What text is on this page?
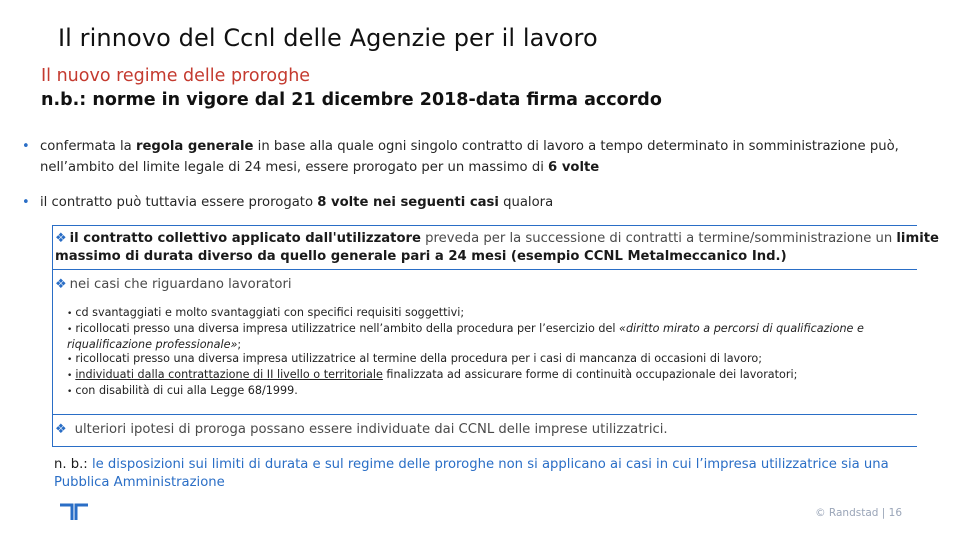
Il rinnovo del Ccnl delle Agenzie per il lavoro
Il nuovo regime delle proroghe
n.b.: norme in vigore dal 21 dicembre 2018-data firma accordo
• confermata la regola generale in base alla quale ogni singolo contratto di lavoro a tempo determinato in somministrazione può,
nell’ambito del limite legale di 24 mesi, essere prorogato per un massimo di 6 volte
• il contratto può tuttavia essere prorogato 8 volte nei seguenti casi qualora
❖ il contratto collettivo applicato dall'utilizzatore preveda per la successione di contratti a termine/somministrazione un limite
massimo di durata diverso da quello generale pari a 24 mesi (esempio CCNL Metalmeccanico Ind.)
❖ nei casi che riguardano lavoratori
• cd svantaggiati e molto svantaggiati con specifici requisiti soggettivi;
• ricollocati presso una diversa impresa utilizzatrice nell’ambito della procedura per l’esercizio del «diritto mirato a percorsi di qualificazione e
riqualificazione professionale»;
• ricollocati presso una diversa impresa utilizzatrice al termine della procedura per i casi di mancanza di occasioni di lavoro;
• individuati dalla contrattazione di II livello o territoriale finalizzata ad assicurare forme di continuità occupazionale dei lavoratori;
• con disabilità di cui alla Legge 68/1999.
❖ ulteriori ipotesi di proroga possano essere individuate dai CCNL delle imprese utilizzatrici.
n. b.: le disposizioni sui limiti di durata e sul regime delle proroghe non si applicano ai casi in cui l’impresa utilizzatrice sia una
Pubblica Amministrazione
© Randstad | 16
